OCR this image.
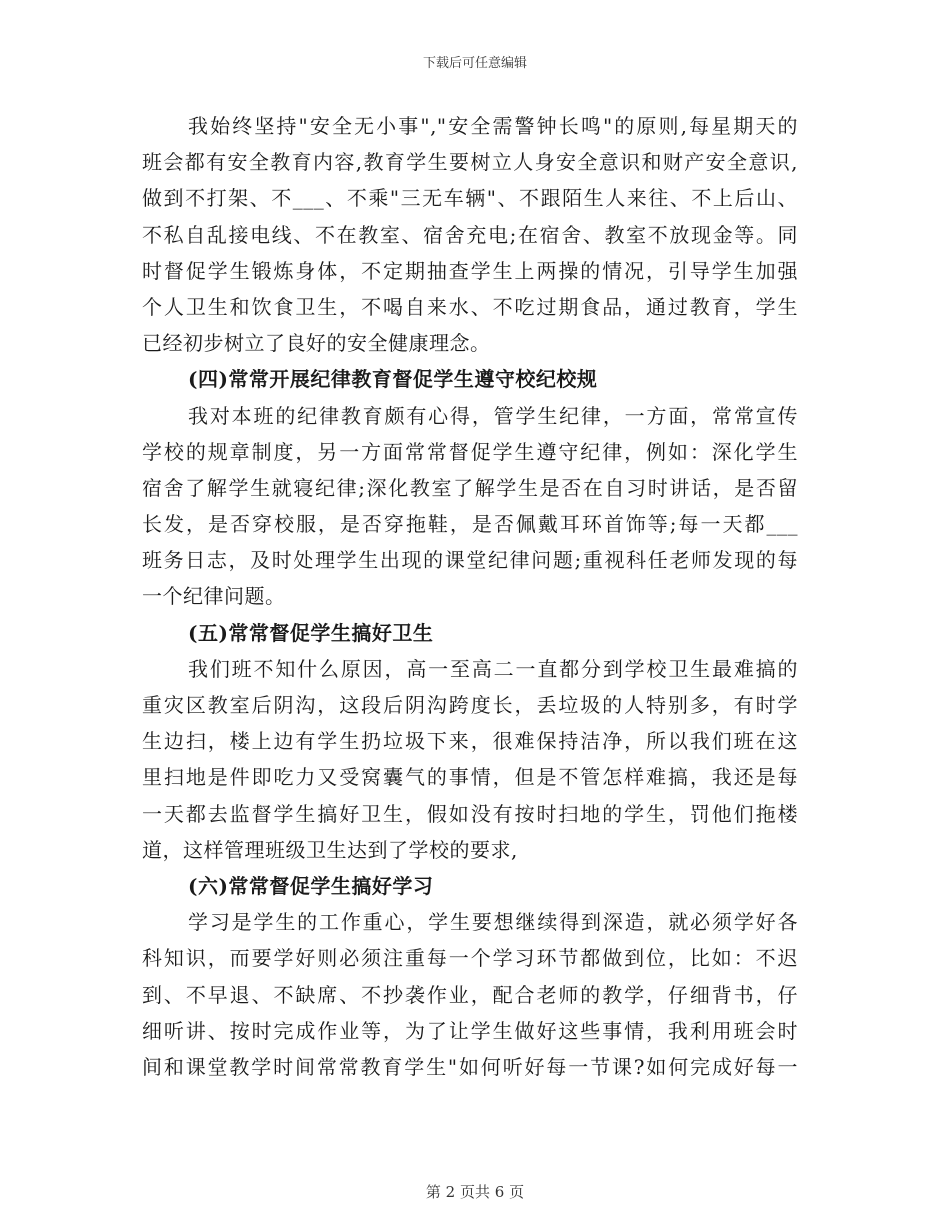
下载后可任意编辑
我始终坚持"安全无小事","安全需警钟长鸣"的原则,每星期天的
班会都有安全教育内容,教育学生要树立人身安全意识和财产安全意识,
做到不打架、不___、不乘"三无车辆"、不跟陌生人来往、不上后山、
不私自乱接电线、不在教室、宿舍充电;在宿舍、教室不放现金等。同
时督促学生锻炼身体，不定期抽查学生上两操的情况，引导学生加强
个人卫生和饮食卫生，不喝自来水、不吃过期食品，通过教育，学生
已经初步树立了良好的安全健康理念。
(四)常常开展纪律教育督促学生遵守校纪校规
我对本班的纪律教育颇有心得，管学生纪律，一方面，常常宣传
学校的规章制度，另一方面常常督促学生遵守纪律，例如：深化学生
宿舍了解学生就寝纪律;深化教室了解学生是否在自习时讲话，是否留
长发，是否穿校服，是否穿拖鞋，是否佩戴耳环首饰等;每一天都___
班务日志，及时处理学生出现的课堂纪律问题;重视科任老师发现的每
一个纪律问题。
(五)常常督促学生搞好卫生
我们班不知什么原因，高一至高二一直都分到学校卫生最难搞的
重灾区教室后阴沟，这段后阴沟跨度长，丢垃圾的人特别多，有时学
生边扫，楼上边有学生扔垃圾下来，很难保持洁净，所以我们班在这
里扫地是件即吃力又受窝囊气的事情，但是不管怎样难搞，我还是每
一天都去监督学生搞好卫生，假如没有按时扫地的学生，罚他们拖楼
道，这样管理班级卫生达到了学校的要求,
(六)常常督促学生搞好学习
学习是学生的工作重心，学生要想继续得到深造，就必须学好各
科知识，而要学好则必须注重每一个学习环节都做到位，比如：不迟
到、不早退、不缺席、不抄袭作业，配合老师的教学，仔细背书，仔
细听讲、按时完成作业等，为了让学生做好这些事情，我利用班会时
间和课堂教学时间常常教育学生"如何听好每一节课?如何完成好每一
第 2 页共 6 页
